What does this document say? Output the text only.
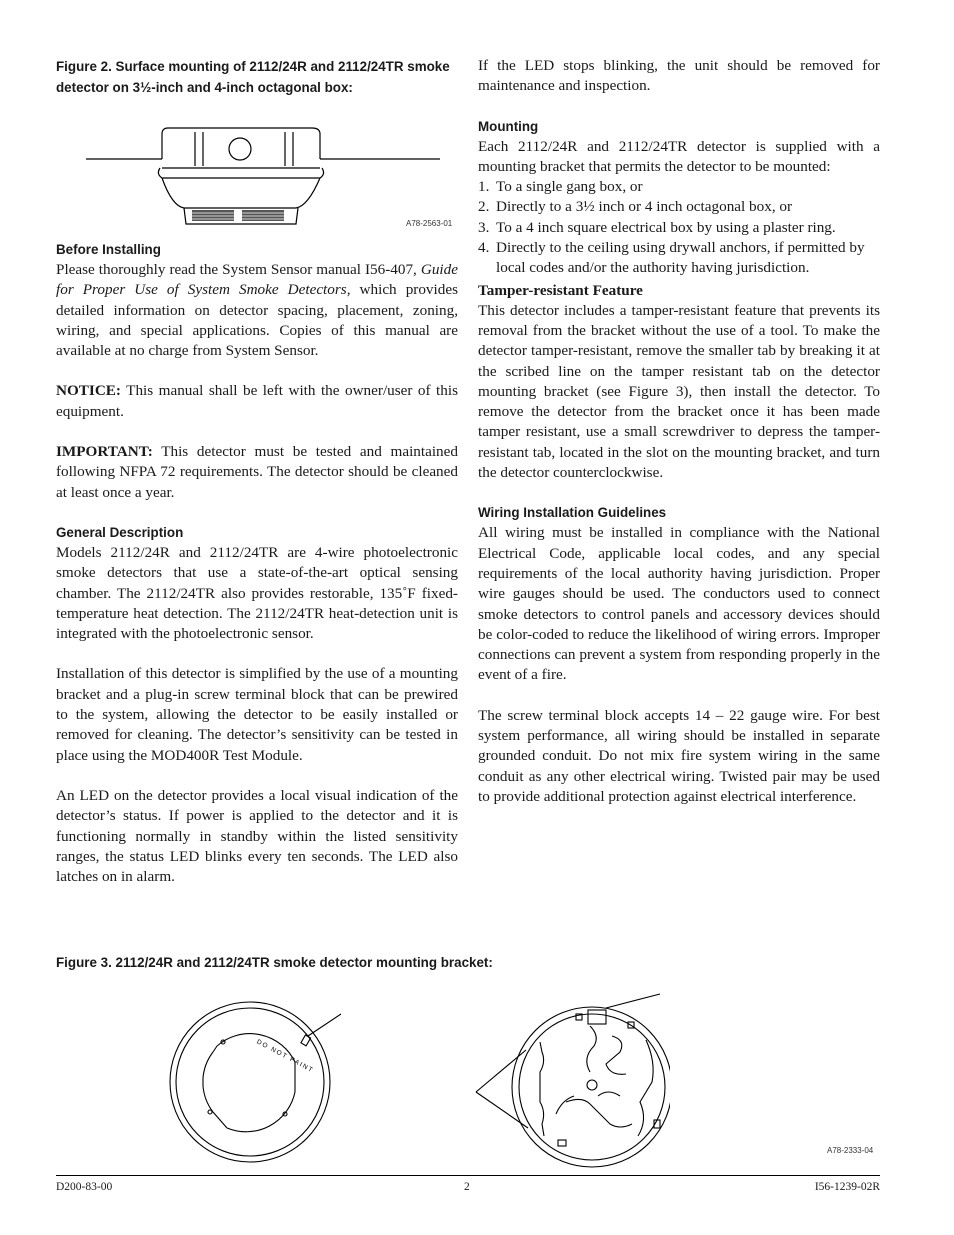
Figure 2. Surface mounting of 2112/24R and 2112/24TR smoke detector on 3½-inch and 4-inch octagonal box:
A78-2563-01
Before Installing

Please thoroughly read the System Sensor manual I56-407, Guide for Proper Use of System Smoke Detectors, which provides detailed information on detector spacing, placement, zoning, wiring, and special applications. Copies of this manual are available at no charge from System Sensor.

NOTICE: This manual shall be left with the owner/user of this equipment.

IMPORTANT: This detector must be tested and maintained following NFPA 72 requirements. The detector should be cleaned at least once a year.

General Description

Models 2112/24R and 2112/24TR are 4-wire photoelectronic smoke detectors that use a state-of-the-art optical sensing chamber. The 2112/24TR also provides restorable, 135˚F fixed-temperature heat detection. The 2112/24TR heat-detection unit is integrated with the photoelectronic sensor.

Installation of this detector is simplified by the use of a mounting bracket and a plug-in screw terminal block that can be prewired to the system, allowing the detector to be easily installed or removed for cleaning. The detector’s sensitivity can be tested in place using the MOD400R Test Module.

An LED on the detector provides a local visual indication of the detector’s status. If power is applied to the detector and it is functioning normally in standby within the listed sensitivity ranges, the status LED blinks every ten seconds. The LED also latches on in alarm.

If the LED stops blinking, the unit should be removed for maintenance and inspection.

Mounting

Each 2112/24R and 2112/24TR detector is supplied with a mounting bracket that permits the detector to be mounted:

1. To a single gang box, or
2. Directly to a 3½ inch or 4 inch octagonal box, or
3. To a 4 inch square electrical box by using a plaster ring.
4. Directly to the ceiling using drywall anchors, if permitted by local codes and/or the authority having jurisdiction.
Tamper-resistant Feature

This detector includes a tamper-resistant feature that prevents its removal from the bracket without the use of a tool. To make the detector tamper-resistant, remove the smaller tab by breaking it at the scribed line on the tamper resistant tab on the detector mounting bracket (see Figure 3), then install the detector. To remove the detector from the bracket once it has been made tamper resistant, use a small screwdriver to depress the tamper-resistant tab, located in the slot on the mounting bracket, and turn the detector counterclockwise.

Wiring Installation Guidelines

All wiring must be installed in compliance with the National Electrical Code, applicable local codes, and any special requirements of the local authority having jurisdiction. Proper wire gauges should be used. The conductors used to connect smoke detectors to control panels and accessory devices should be color-coded to reduce the likelihood of wiring errors. Improper connections can prevent a system from responding properly in the event of a fire.

The screw terminal block accepts 14 – 22 gauge wire. For best system performance, all wiring should be installed in separate grounded conduit. Do not mix fire system wiring in the same conduit as any other electrical wiring. Twisted pair may be used to provide additional protection against electrical interference.

Figure 3. 2112/24R and 2112/24TR smoke detector mounting bracket:
DO NOT PAINT
A78-2333-04
D200-83-00	2	I56-1239-02R
